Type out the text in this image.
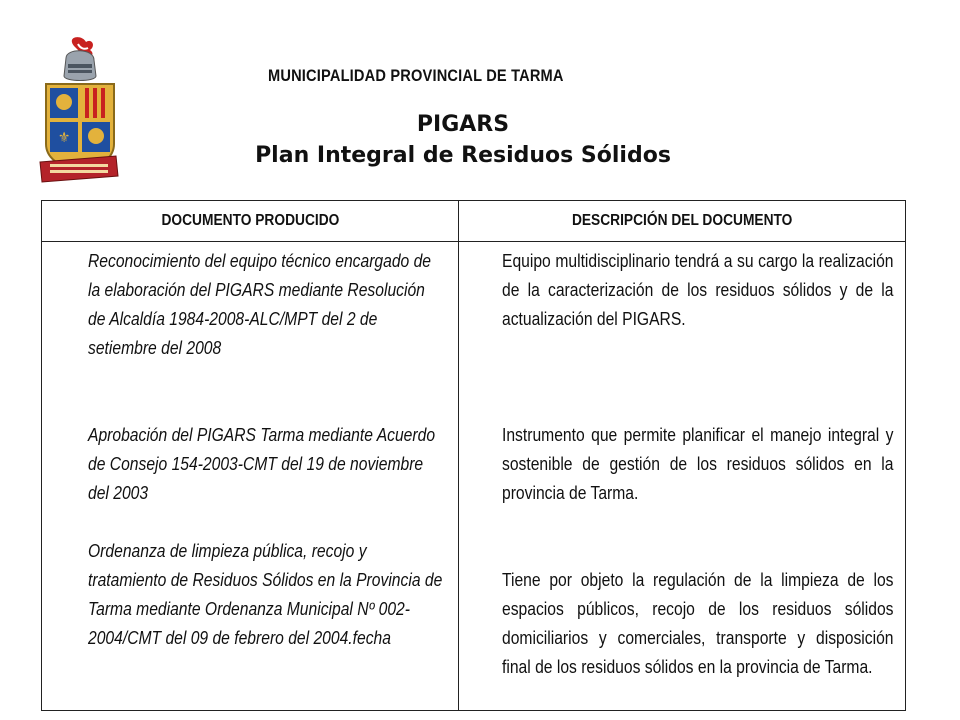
⚜
MUNICIPALIDAD PROVINCIAL DE TARMA
PIGARS
Plan Integral de Residuos Sólidos
DOCUMENTO PRODUCIDO	DESCRIPCIÓN DEL DOCUMENTO

Reconocimiento del equipo técnico encargado de la elaboración del PIGARS mediante Resolución de Alcaldía 1984-2008-ALC/MPT del 2 de setiembre del 2008

Aprobación del PIGARS Tarma mediante Acuerdo de Consejo 154-2003-CMT del 19 de noviembre del 2003

Ordenanza de limpieza pública, recojo y tratamiento de Residuos Sólidos en la Provincia de Tarma mediante Ordenanza Municipal Nº 002-2004/CMT del 09 de febrero del 2004.fecha

Equipo multidisciplinario tendrá a su cargo la realización de la caracterización de los residuos sólidos y de la actualización del PIGARS.

Instrumento que permite planificar el manejo integral y sostenible de gestión de los residuos sólidos en la provincia de Tarma.

Tiene por objeto la regulación de la limpieza de los espacios públicos, recojo de los residuos sólidos domiciliarios y comerciales, transporte y disposición final de los residuos sólidos en la provincia de Tarma.
